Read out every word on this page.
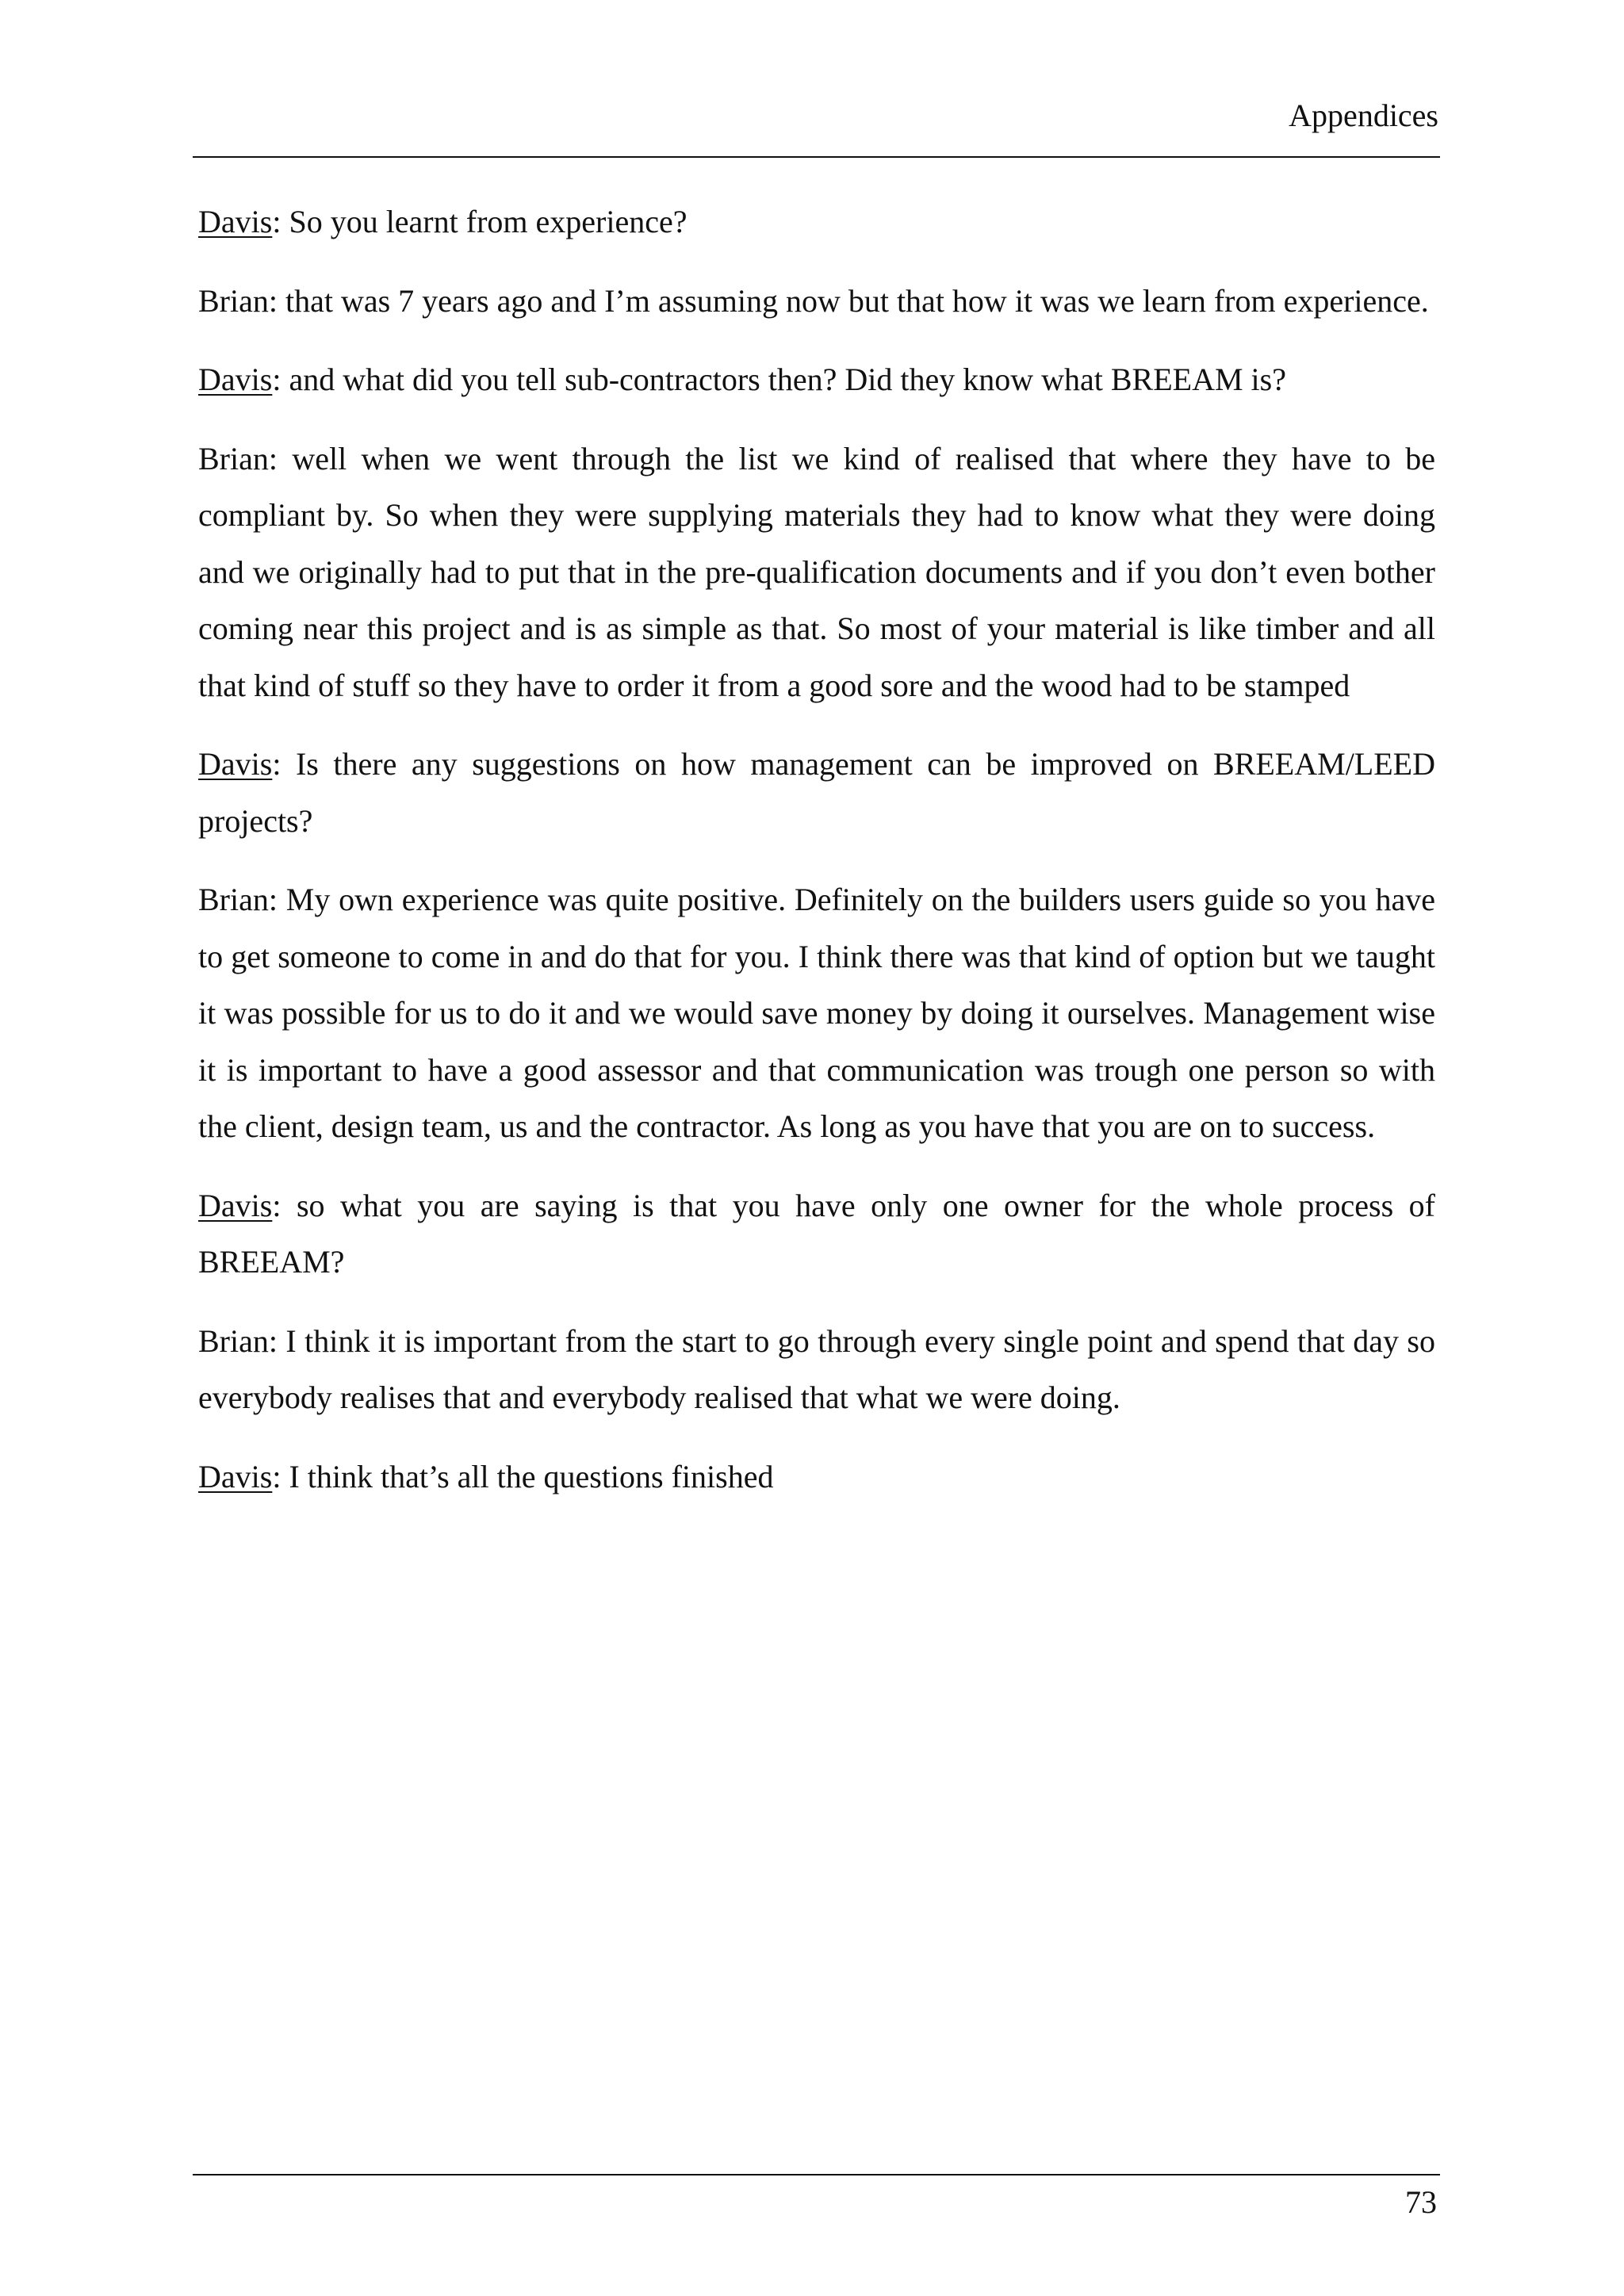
Appendices

Davis: So you learnt from experience?

Brian: that was 7 years ago and I’m assuming now but that how it was we learn from experience.

Davis: and what did you tell sub-contractors then? Did they know what BREEAM is?

Brian: well when we went through the list we kind of realised that where they have to be compliant by. So when they were supplying materials they had to know what they were doing and we originally had to put that in the pre-qualification documents and if you don’t even bother coming near this project and is as simple as that. So most of your material is like timber and all that kind of stuff so they have to order it from a good sore and the wood had to be stamped

Davis: Is there any suggestions on how management can be improved on BREEAM/LEED projects?

Brian: My own experience was quite positive. Definitely on the builders users guide so you have to get someone to come in and do that for you. I think there was that kind of option but we taught it was possible for us to do it and we would save money by doing it ourselves. Management wise it is important to have a good assessor and that communication was trough one person so with the client, design team, us and the contractor. As long as you have that you are on to success.

Davis: so what you are saying is that you have only one owner for the whole process of BREEAM?

Brian: I think it is important from the start to go through every single point and spend that day so everybody realises that and everybody realised that what we were doing.

Davis: I think that’s all the questions finished

73
